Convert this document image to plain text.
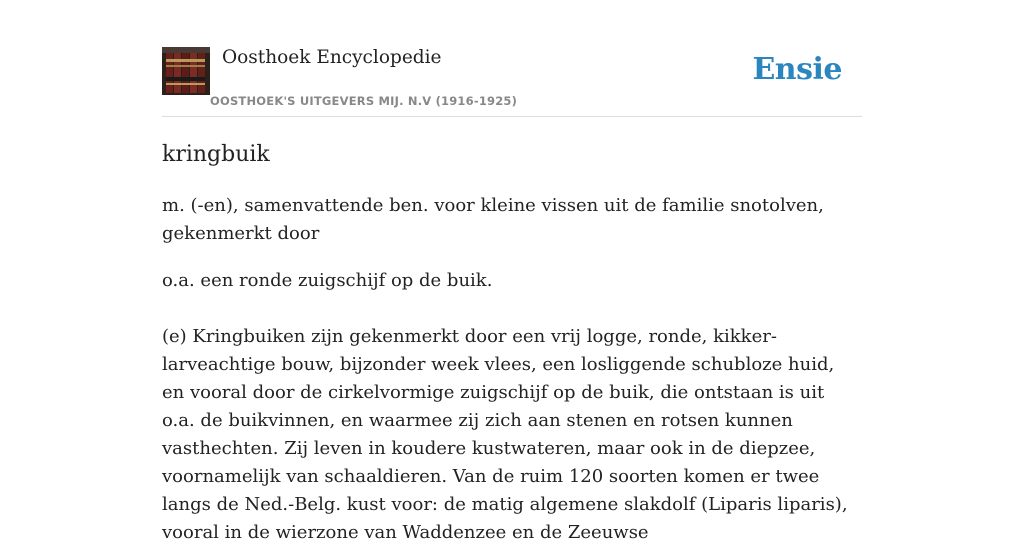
Oosthoek Encyclopedie
OOSTHOEK'S UITGEVERS MIJ. N.V (1916-1925)
Ensie
kringbuik

m. (-en), samenvattende ben. voor kleine vissen uit de familie snotolven, gekenmerkt door

o.a. een ronde zuigschijf op de buik.

(e) Kringbuiken zijn gekenmerkt door een vrij logge, ronde, kikker-larveachtige bouw, bijzonder week vlees, een losliggende schubloze huid, en vooral door de cirkelvormige zuigschijf op de buik, die ontstaan is uit o.a. de buikvinnen, en waarmee zij zich aan stenen en rotsen kunnen vasthechten. Zij leven in koudere kustwateren, maar ook in de diepzee, voornamelijk van schaaldieren. Van de ruim 120 soorten komen er twee langs de Ned.-Belg. kust voor: de matig algemene slakdolf (Liparis liparis), vooral in de wierzone van Waddenzee en de Zeeuwse
